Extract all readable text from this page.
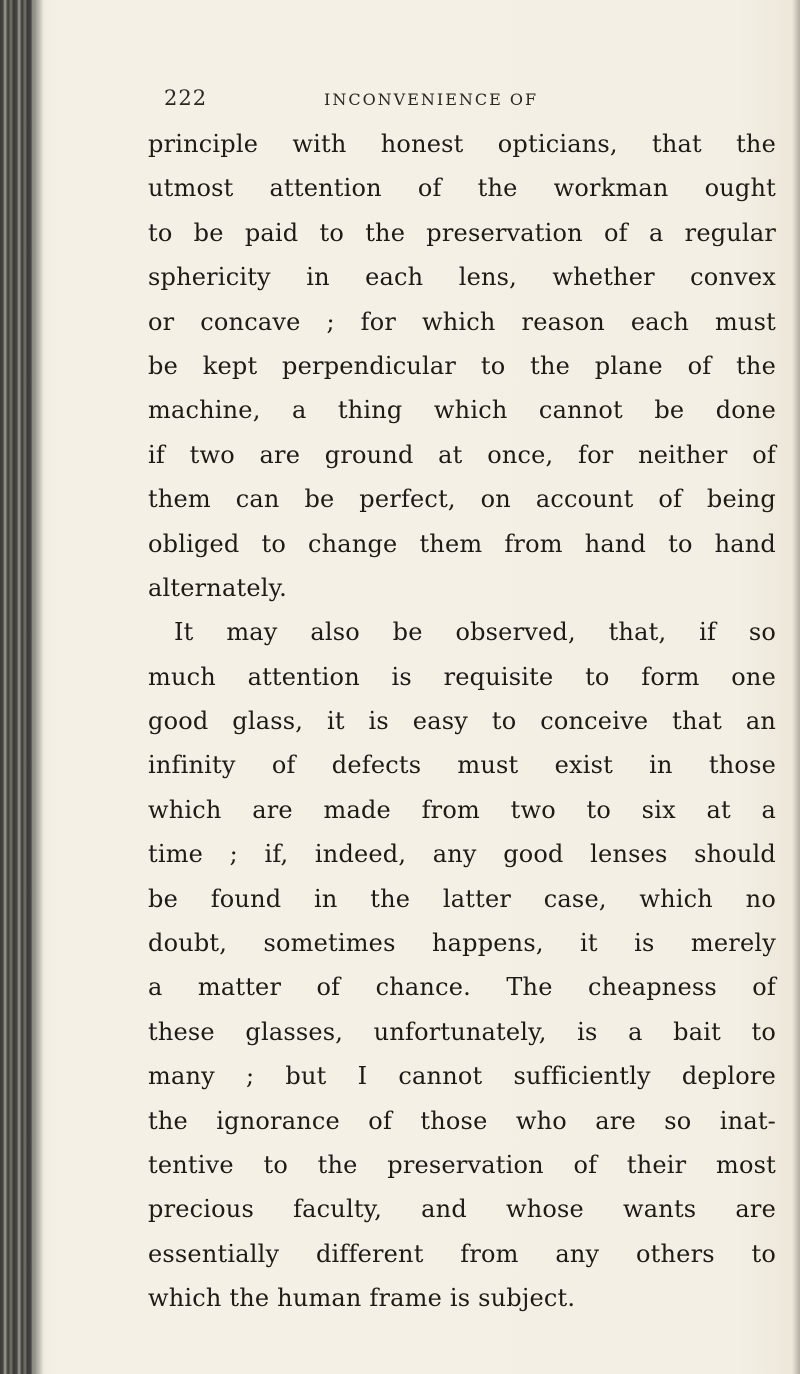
222	INCONVENIENCE OF
principle with honest opticians, that the
utmost attention of the workman ought
to be paid to the preservation of a regular
sphericity in each lens, whether convex
or concave ; for which reason each must
be kept perpendicular to the plane of the
machine, a thing which cannot be done
if two are ground at once, for neither of
them can be perfect, on account of being
obliged to change them from hand to hand
alternately.
It may also be observed, that, if so
much attention is requisite to form one
good glass, it is easy to conceive that an
infinity of defects must exist in those
which are made from two to six at a
time ; if, indeed, any good lenses should
be found in the latter case, which no
doubt, sometimes happens, it is merely
a matter of chance. The cheapness of
these glasses, unfortunately, is a bait to
many ; but I cannot sufficiently deplore
the ignorance of those who are so inat-
tentive to the preservation of their most
precious faculty, and whose wants are
essentially different from any others to
which the human frame is subject.
